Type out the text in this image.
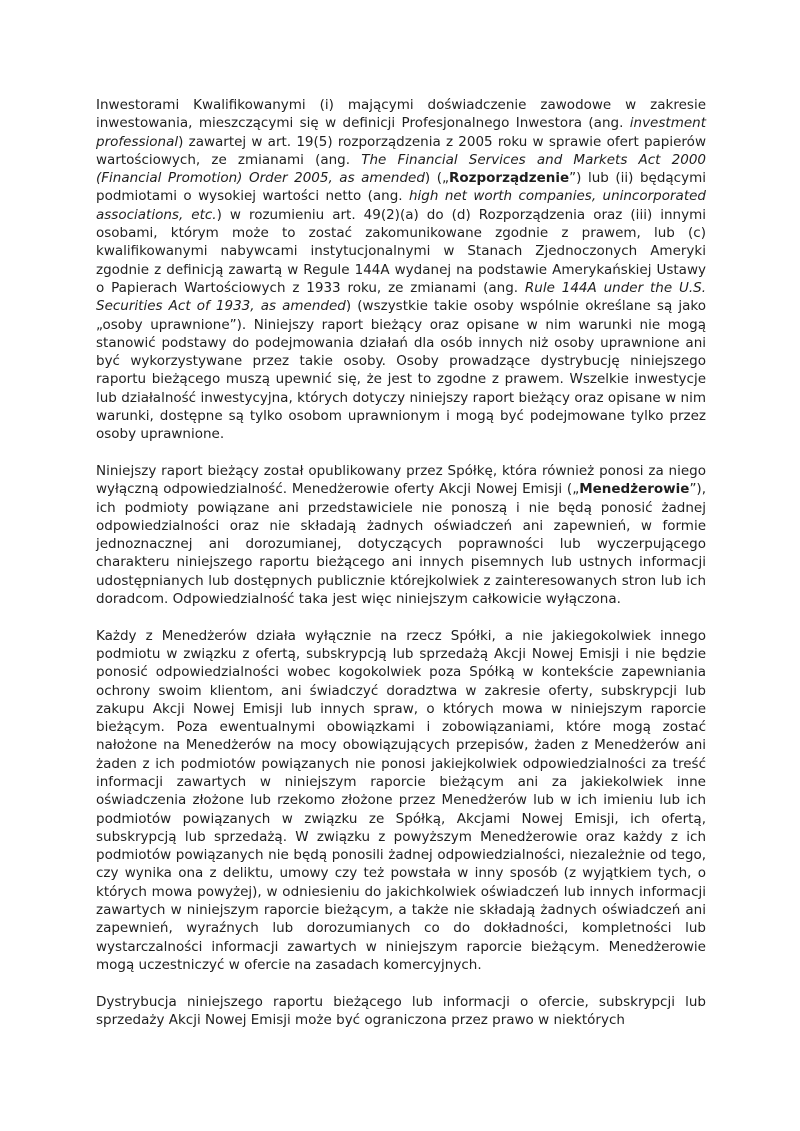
Inwestorami Kwalifikowanymi (i) mającymi doświadczenie zawodowe w zakresie inwestowania, mieszczącymi się w definicji Profesjonalnego Inwestora (ang. investment professional) zawartej w art. 19(5) rozporządzenia z 2005 roku w sprawie ofert papierów wartościowych, ze zmianami (ang. The Financial Services and Markets Act 2000 (Financial Promotion) Order 2005, as amended) („Rozporządzenie”) lub (ii) będącymi podmiotami o wysokiej wartości netto (ang. high net worth companies, unincorporated associations, etc.) w rozumieniu art. 49(2)(a) do (d) Rozporządzenia oraz (iii) innymi osobami, którym może to zostać zakomunikowane zgodnie z prawem, lub (c) kwalifikowanymi nabywcami instytucjonalnymi w Stanach Zjednoczonych Ameryki zgodnie z definicją zawartą w Regule 144A wydanej na podstawie Amerykańskiej Ustawy o Papierach Wartościowych z 1933 roku, ze zmianami (ang. Rule 144A under the U.S. Securities Act of 1933, as amended) (wszystkie takie osoby wspólnie określane są jako „osoby uprawnione”). Niniejszy raport bieżący oraz opisane w nim warunki nie mogą stanowić podstawy do podejmowania działań dla osób innych niż osoby uprawnione ani być wykorzystywane przez takie osoby. Osoby prowadzące dystrybucję niniejszego raportu bieżącego muszą upewnić się, że jest to zgodne z prawem. Wszelkie inwestycje lub działalność inwestycyjna, których dotyczy niniejszy raport bieżący oraz opisane w nim warunki, dostępne są tylko osobom uprawnionym i mogą być podejmowane tylko przez osoby uprawnione.

Niniejszy raport bieżący został opublikowany przez Spółkę, która również ponosi za niego wyłączną odpowiedzialność. Menedżerowie oferty Akcji Nowej Emisji („Menedżerowie”), ich podmioty powiązane ani przedstawiciele nie ponoszą i nie będą ponosić żadnej odpowiedzialności oraz nie składają żadnych oświadczeń ani zapewnień, w formie jednoznacznej ani dorozumianej, dotyczących poprawności lub wyczerpującego charakteru niniejszego raportu bieżącego ani innych pisemnych lub ustnych informacji udostępnianych lub dostępnych publicznie którejkolwiek z zainteresowanych stron lub ich doradcom. Odpowiedzialność taka jest więc niniejszym całkowicie wyłączona.

Każdy z Menedżerów działa wyłącznie na rzecz Spółki, a nie jakiegokolwiek innego podmiotu w związku z ofertą, subskrypcją lub sprzedażą Akcji Nowej Emisji i nie będzie ponosić odpowiedzialności wobec kogokolwiek poza Spółką w kontekście zapewniania ochrony swoim klientom, ani świadczyć doradztwa w zakresie oferty, subskrypcji lub zakupu Akcji Nowej Emisji lub innych spraw, o których mowa w niniejszym raporcie bieżącym. Poza ewentualnymi obowiązkami i zobowiązaniami, które mogą zostać nałożone na Menedżerów na mocy obowiązujących przepisów, żaden z Menedżerów ani żaden z ich podmiotów powiązanych nie ponosi jakiejkolwiek odpowiedzialności za treść informacji zawartych w niniejszym raporcie bieżącym ani za jakiekolwiek inne oświadczenia złożone lub rzekomo złożone przez Menedżerów lub w ich imieniu lub ich podmiotów powiązanych w związku ze Spółką, Akcjami Nowej Emisji, ich ofertą, subskrypcją lub sprzedażą. W związku z powyższym Menedżerowie oraz każdy z ich podmiotów powiązanych nie będą ponosili żadnej odpowiedzialności, niezależnie od tego, czy wynika ona z deliktu, umowy czy też powstała w inny sposób (z wyjątkiem tych, o których mowa powyżej), w odniesieniu do jakichkolwiek oświadczeń lub innych informacji zawartych w niniejszym raporcie bieżącym, a także nie składają żadnych oświadczeń ani zapewnień, wyraźnych lub dorozumianych co do dokładności, kompletności lub wystarczalności informacji zawartych w niniejszym raporcie bieżącym. Menedżerowie mogą uczestniczyć w ofercie na zasadach komercyjnych.

Dystrybucja niniejszego raportu bieżącego lub informacji o ofercie, subskrypcji lub sprzedaży Akcji Nowej Emisji może być ograniczona przez prawo w niektórych
